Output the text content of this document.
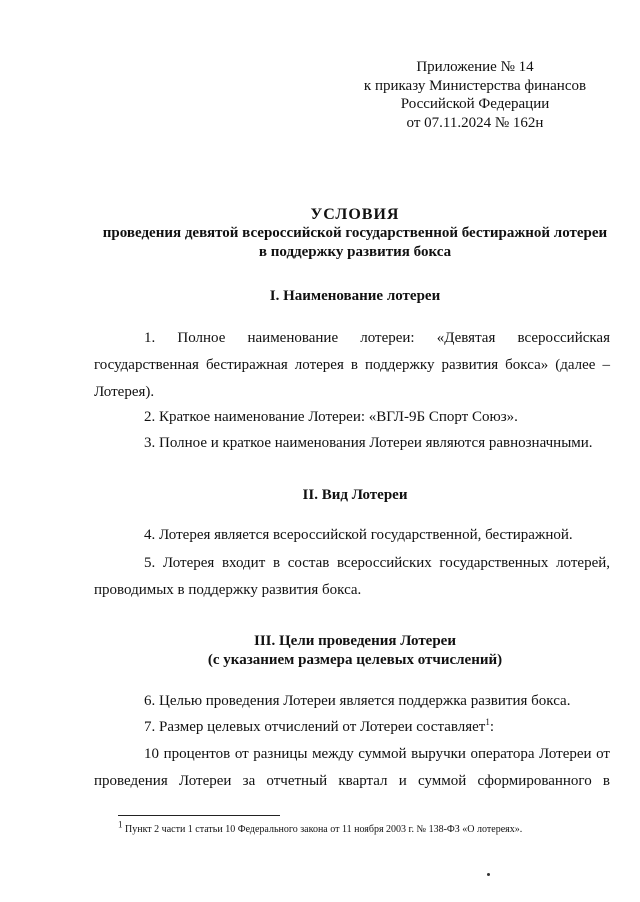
Приложение № 14
к приказу Министерства финансов
Российской Федерации
от 07.11.2024 № 162н
УСЛОВИЯ
проведения девятой всероссийской государственной бестиражной лотереи
в поддержку развития бокса
I. Наименование лотереи
1. Полное наименование лотереи: «Девятая всероссийская
государственная бестиражная лотерея в поддержку развития бокса» (далее –
Лотерея).
2. Краткое наименование Лотереи: «ВГЛ-9Б Спорт Союз».
3. Полное и краткое наименования Лотереи являются равнозначными.
II. Вид Лотереи
4. Лотерея является всероссийской государственной, бестиражной.
5. Лотерея входит в состав всероссийских государственных лотерей,
проводимых в поддержку развития бокса.
III. Цели проведения Лотереи
(с указанием размера целевых отчислений)
6. Целью проведения Лотереи является поддержка развития бокса.
7. Размер целевых отчислений от Лотереи составляет$^1$:
10 процентов от разницы между суммой выручки оператора Лотереи от
проведения Лотереи за отчетный квартал и суммой сформированного в
$^1$ Пункт 2 части 1 статьи 10 Федерального закона от 11 ноября 2003 г. № 138-ФЗ «О лотереях».
